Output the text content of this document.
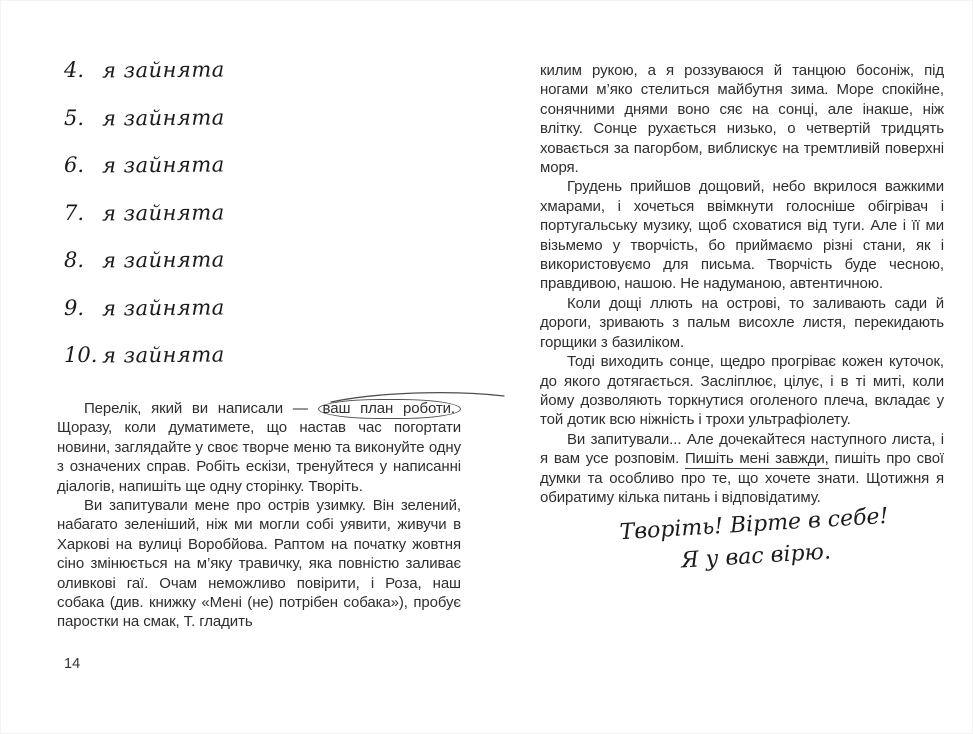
4. я зайнята
5. я зайнята
6. я зайнята
7. я зайнята
8. я зайнята
9. я зайнята
10. я зайнята

Перелік, який ви написали — ваш план роботи.
Щоразу, коли думатимете, що настав час погортати новини, заглядайте у своє творче меню та виконуйте одну з означених справ. Робіть ескізи, тренуйтеся у написанні діалогів, напишіть ще одну сторінку. Творіть.

Ви запитували мене про острів узимку. Він зелений, набагато зеленіший, ніж ми могли собі уявити, живучи в Харкові на вулиці Воробйова. Раптом на початку жовтня сіно змінюється на м’яку травичку, яка повністю заливає оливкові гаї. Очам неможливо повірити, і Роза, наш собака (див. книжку «Мені (не) потрібен собака»), пробує паростки на смак, Т. гладить

14

килим рукою, а я роззуваюся й танцюю босоніж, під ногами м’яко стелиться майбутня зима. Море спокійне, сонячними днями воно сяє на сонці, але інакше, ніж влітку. Сонце рухається низько, о четвертій тридцять ховається за пагорбом, виблискує на тремтливій поверхні моря.

Грудень прийшов дощовий, небо вкрилося важкими хмарами, і хочеться ввімкнути голосніше обігрівач і португальську музику, щоб сховатися від туги. Але і її ми візьмемо у творчість, бо приймаємо різні стани, як і використовуємо для письма. Творчість буде чесною, правдивою, нашою. Не надуманою, автентичною.

Коли дощі ллють на острові, то заливають сади й дороги, зривають з пальм висохле листя, перекидають горщики з базиліком.

Тоді виходить сонце, щедро прогріває кожен куточок, до якого дотягається. Засліплює, цілує, і в ті миті, коли йому дозволяють торкнутися оголеного плеча, вкладає у той дотик всю ніжність і трохи ультрафіолету.

Ви запитували... Але дочекайтеся наступного листа, і я вам усе розповім. Пишіть мені завжди, пишіть про свої думки та особливо про те, що хочете знати. Щотижня я обиратиму кілька питань і відповідатиму.

Творіть! Вірте в себе!
Я у вас вірю.
